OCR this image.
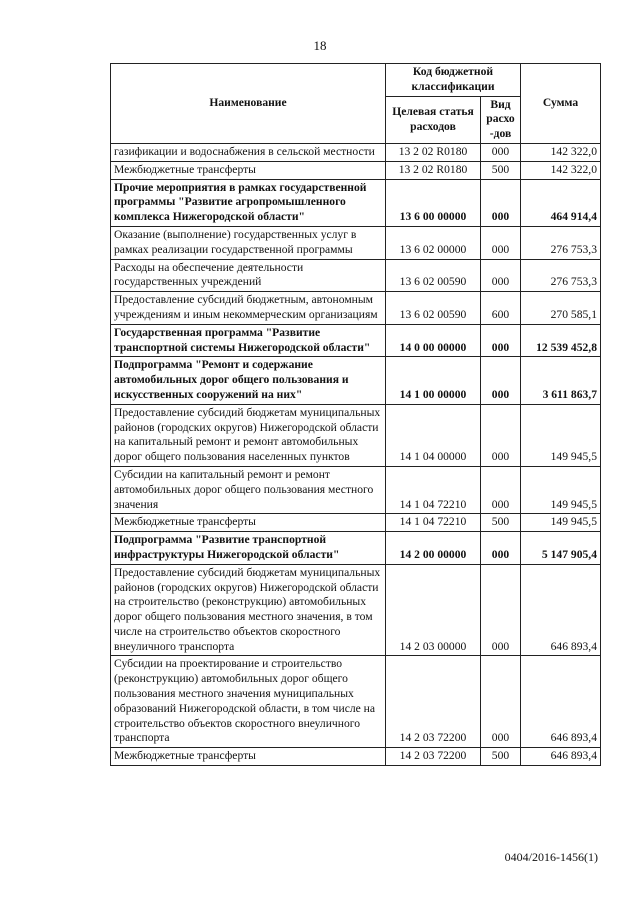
18
Наименование	Код бюджетной классификации		Сумма
	Целевая статья расходов	Вид расхо -дов	
газификации и водоснабжения в сельской местности	13 2 02 R0180	000	142 322,0
Межбюджетные трансферты	13 2 02 R0180	500	142 322,0
Прочие мероприятия в рамках государственной программы "Развитие агропромышленного комплекса Нижегородской области"	13 6 00 00000	000	464 914,4
Оказание (выполнение) государственных услуг в рамках реализации государственной программы	13 6 02 00000	000	276 753,3
Расходы на обеспечение деятельности государственных учреждений	13 6 02 00590	000	276 753,3
Предоставление субсидий бюджетным, автономным учреждениям и иным некоммерческим организациям	13 6 02 00590	600	270 585,1
Государственная программа "Развитие транспортной системы Нижегородской области"	14 0 00 00000	000	12 539 452,8
Подпрограмма "Ремонт и содержание автомобильных дорог общего пользования и искусственных сооружений на них"	14 1 00 00000	000	3 611 863,7
Предоставление субсидий бюджетам муниципальных районов (городских округов) Нижегородской области на капитальный ремонт и ремонт автомобильных дорог общего пользования населенных пунктов	14 1 04 00000	000	149 945,5
Субсидии на капитальный ремонт и ремонт автомобильных дорог общего пользования местного значения	14 1 04 72210	000	149 945,5
Межбюджетные трансферты	14 1 04 72210	500	149 945,5
Подпрограмма "Развитие транспортной инфраструктуры Нижегородской области"	14 2 00 00000	000	5 147 905,4
Предоставление субсидий бюджетам муниципальных районов (городских округов) Нижегородской области на строительство (реконструкцию) автомобильных дорог общего пользования местного значения, в том числе на строительство объектов скоростного внеуличного транспорта	14 2 03 00000	000	646 893,4
Субсидии на проектирование и строительство (реконструкцию) автомобильных дорог общего пользования местного значения муниципальных образований Нижегородской области, в том числе на строительство объектов скоростного внеуличного транспорта	14 2 03 72200	000	646 893,4
Межбюджетные трансферты	14 2 03 72200	500	646 893,4
0404/2016-1456(1)
